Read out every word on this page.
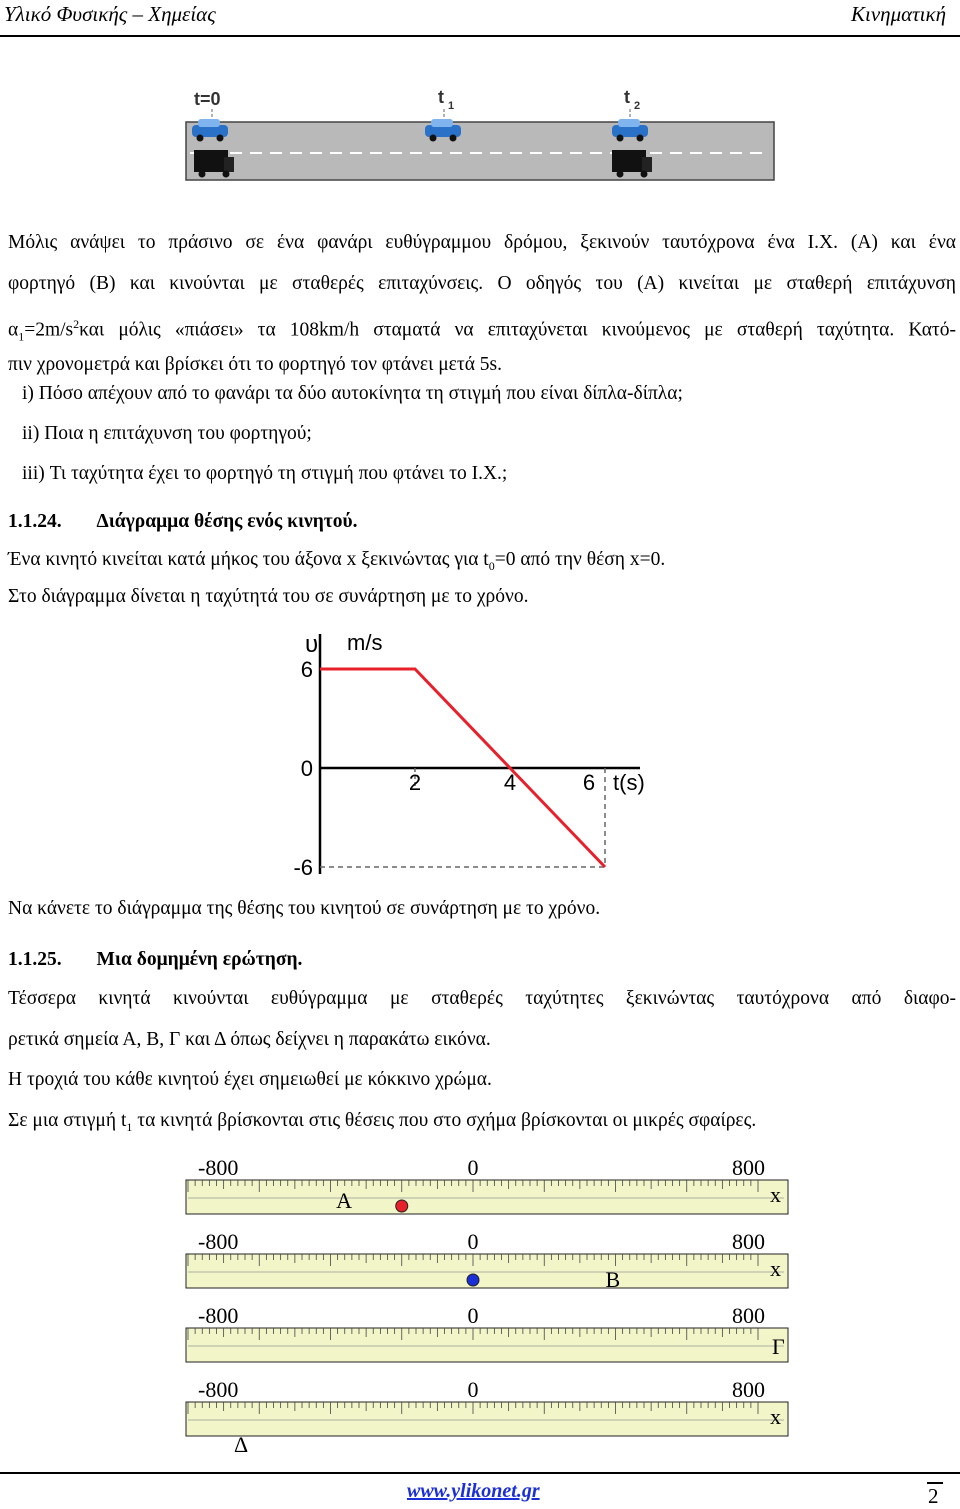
Υλικό Φυσικής – Χημείας	Κινηματική
t=0	t 1	t 2
Μόλις ανάψει το πράσινο σε ένα φανάρι ευθύγραμμου δρόμου, ξεκινούν ταυτόχρονα ένα Ι.Χ. (Α) και ένα
φορτηγό (Β) και κινούνται με σταθερές επιταχύνσεις. Ο οδηγός του (Α) κινείται με σταθερή επιτάχυνση
$\alpha_1=2m/s^2\kappa\alpha\iota$ μόλις «πιάσει» τα 108km/h σταματά να επιταχύνεται κινούμενος με σταθερή ταχύτητα. Κατό-
πιν χρονομετρά και βρίσκει ότι το φορτηγό τον φτάνει μετά 5s.
i) Πόσο απέχουν από το φανάρι τα δύο αυτοκίνητα τη στιγμή που είναι δίπλα-δίπλα;
ii) Ποια η επιτάχυνση του φορτηγού;
iii) Τι ταχύτητα έχει το φορτηγό τη στιγμή που φτάνει το Ι.Χ.;
1.1.24. Διάγραμμα θέσης ενός κινητού.
Ένα κινητό κινείται κατά μήκος του άξονα x ξεκινώντας για $t_0=0$ από την θέση x=0.
Στο διάγραμμα δίνεται η ταχύτητά του σε συνάρτηση με το χρόνο.
υ m/s
6
0
-6
2	4	6 t(s)
Να κάνετε το διάγραμμα της θέσης του κινητού σε συνάρτηση με το χρόνο.
1.1.25. Μια δομημένη ερώτηση.
Τέσσερα κινητά κινούνται ευθύγραμμα με σταθερές ταχύτητες ξεκινώντας ταυτόχρονα από διαφο-
ρετικά σημεία Α, Β, Γ και Δ όπως δείχνει η παρακάτω εικόνα.
Η τροχιά του κάθε κινητού έχει σημειωθεί με κόκκινο χρώμα.
Σε μια στιγμή $t_1$ τα κινητά βρίσκονται στις θέσεις που στο σχήμα βρίσκονται οι μικρές σφαίρες.
-800	0	800
x
Α
-800	0	800
x
Β
-800	0	800
Γ
-800	0	800
x
Δ
www.ylikonet.gr	2
